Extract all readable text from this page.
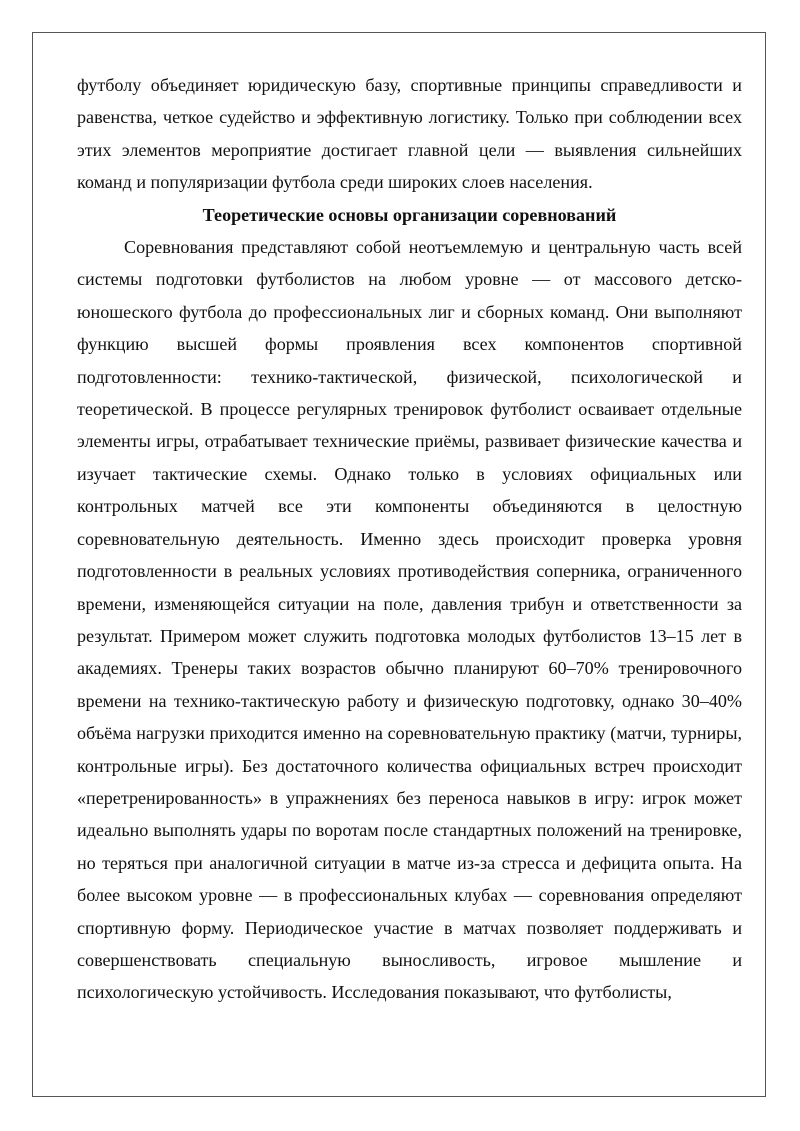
футболу объединяет юридическую базу, спортивные принципы справедливости и равенства, четкое судейство и эффективную логистику. Только при соблюдении всех этих элементов мероприятие достигает главной цели — выявления сильнейших команд и популяризации футбола среди широких слоев населения.

Теоретические основы организации соревнований

Соревнования представляют собой неотъемлемую и центральную часть всей системы подготовки футболистов на любом уровне — от массового детско-юношеского футбола до профессиональных лиг и сборных команд. Они выполняют функцию высшей формы проявления всех компонентов спортивной подготовленности: технико-тактической, физической, психологической и теоретической. В процессе регулярных тренировок футболист осваивает отдельные элементы игры, отрабатывает технические приёмы, развивает физические качества и изучает тактические схемы. Однако только в условиях официальных или контрольных матчей все эти компоненты объединяются в целостную соревновательную деятельность. Именно здесь происходит проверка уровня подготовленности в реальных условиях противодействия соперника, ограниченного времени, изменяющейся ситуации на поле, давления трибун и ответственности за результат. Примером может служить подготовка молодых футболистов 13–15 лет в академиях. Тренеры таких возрастов обычно планируют 60–70% тренировочного времени на технико-тактическую работу и физическую подготовку, однако 30–40% объёма нагрузки приходится именно на соревновательную практику (матчи, турниры, контрольные игры). Без достаточного количества официальных встреч происходит «перетренированность» в упражнениях без переноса навыков в игру: игрок может идеально выполнять удары по воротам после стандартных положений на тренировке, но теряться при аналогичной ситуации в матче из-за стресса и дефицита опыта. На более высоком уровне — в профессиональных клубах — соревнования определяют спортивную форму. Периодическое участие в матчах позволяет поддерживать и совершенствовать специальную выносливость, игровое мышление и психологическую устойчивость. Исследования показывают, что футболисты,
